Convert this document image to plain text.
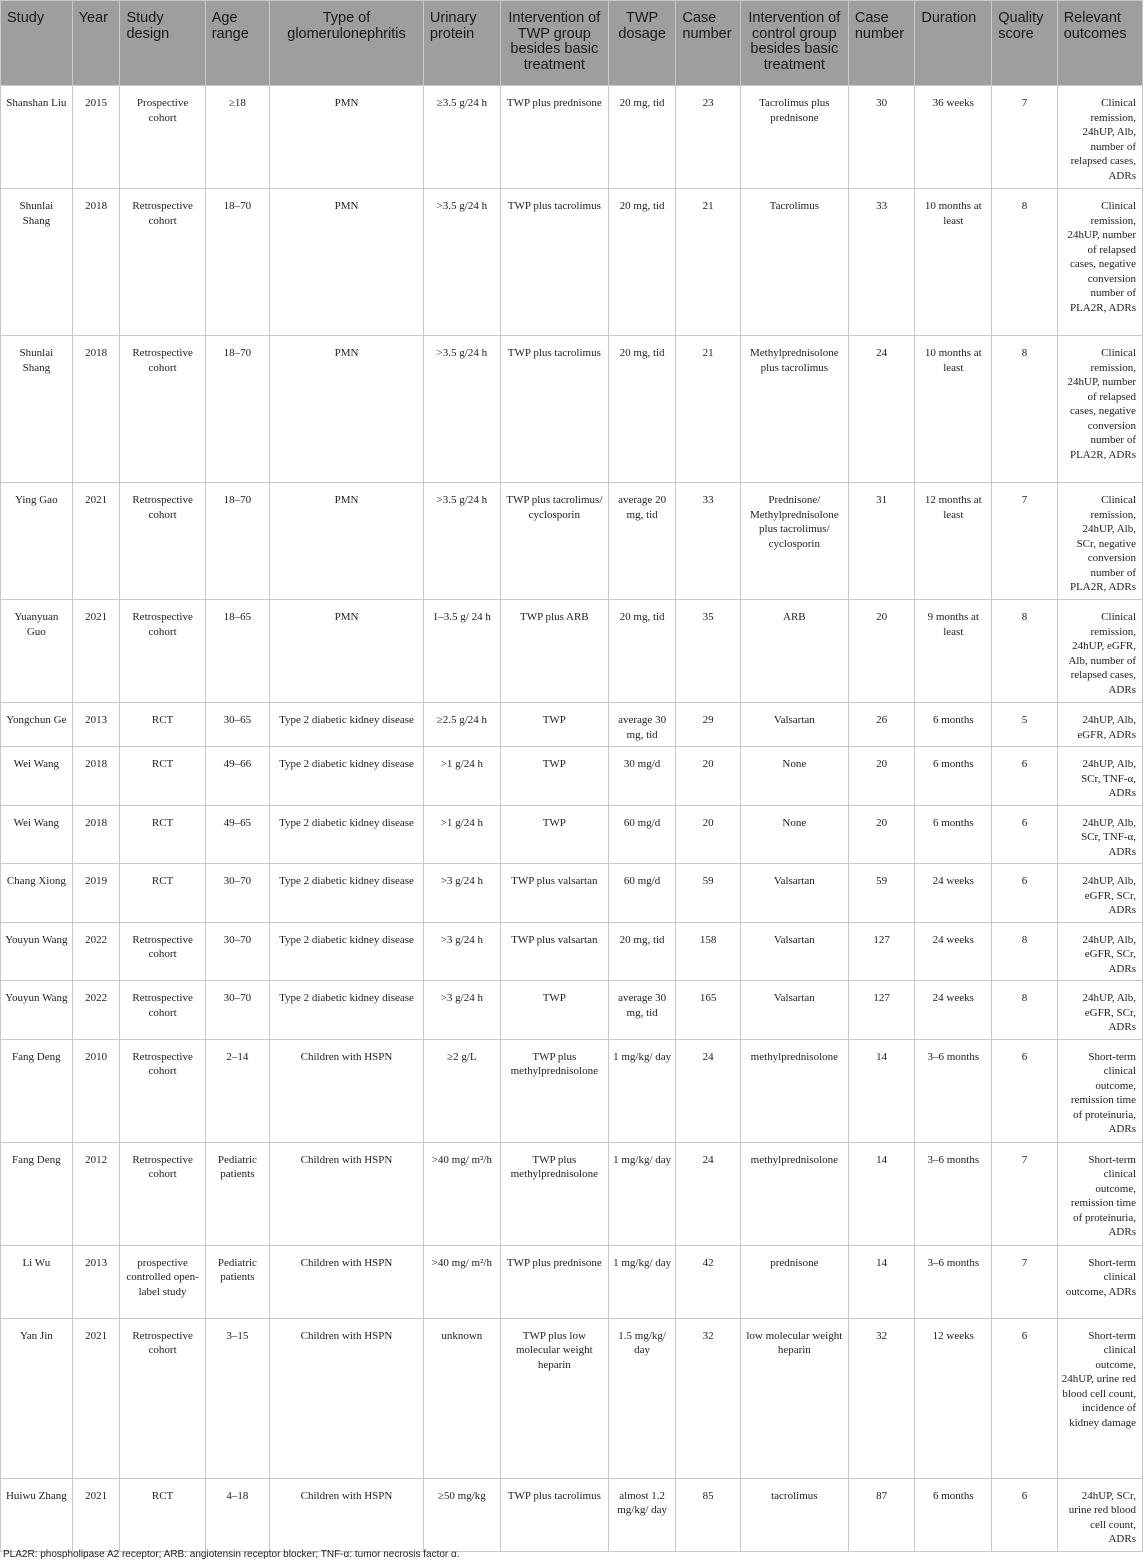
Study	Year	Study design	Age range	Type of glomerulonephritis	Urinary protein	Intervention of TWP group besides basic treatment	TWP dosage	Case number	Intervention of control group besides basic treatment	Case number	Duration	Quality score	Relevant outcomes
Shanshan Liu	2015	Prospective cohort	≥18	PMN	≥3.5 g/24 h	TWP plus prednisone	20 mg, tid	23	Tacrolimus plus prednisone	30	36 weeks	7	Clinical remission, 24hUP, Alb, number of relapsed cases, ADRs
Shunlai Shang	2018	Retrospective cohort	18–70	PMN	>3.5 g/24 h	TWP plus tacrolimus	20 mg, tid	21	Tacrolimus	33	10 months at least	8	Clinical remission, 24hUP, number of relapsed cases, negative conversion number of PLA2R, ADRs
Shunlai Shang	2018	Retrospective cohort	18–70	PMN	>3.5 g/24 h	TWP plus tacrolimus	20 mg, tid	21	Methylprednisolone plus tacrolimus	24	10 months at least	8	Clinical remission, 24hUP, number of relapsed cases, negative conversion number of PLA2R, ADRs
Ying Gao	2021	Retrospective cohort	18–70	PMN	>3.5 g/24 h	TWP plus tacrolimus/ cyclosporin	average 20 mg, tid	33	Prednisone/ Methylprednisolone plus tacrolimus/ cyclosporin	31	12 months at least	7	Clinical remission, 24hUP, Alb, SCr, negative conversion number of PLA2R, ADRs
Yuanyuan Guo	2021	Retrospective cohort	18–65	PMN	1–3.5 g/ 24 h	TWP plus ARB	20 mg, tid	35	ARB	20	9 months at least	8	Clinical remission, 24hUP, eGFR, Alb, number of relapsed cases, ADRs
Yongchun Ge	2013	RCT	30–65	Type 2 diabetic kidney disease	≥2.5 g/24 h	TWP	average 30 mg, tid	29	Valsartan	26	6 months	5	24hUP, Alb, eGFR, ADRs
Wei Wang	2018	RCT	49–66	Type 2 diabetic kidney disease	>1 g/24 h	TWP	30 mg/d	20	None	20	6 months	6	24hUP, Alb, SCr, TNF-α, ADRs
Wei Wang	2018	RCT	49–65	Type 2 diabetic kidney disease	>1 g/24 h	TWP	60 mg/d	20	None	20	6 months	6	24hUP, Alb, SCr, TNF-α, ADRs
Chang Xiong	2019	RCT	30–70	Type 2 diabetic kidney disease	>3 g/24 h	TWP plus valsartan	60 mg/d	59	Valsartan	59	24 weeks	6	24hUP, Alb, eGFR, SCr, ADRs
Youyun Wang	2022	Retrospective cohort	30–70	Type 2 diabetic kidney disease	>3 g/24 h	TWP plus valsartan	20 mg, tid	158	Valsartan	127	24 weeks	8	24hUP, Alb, eGFR, SCr, ADRs
Youyun Wang	2022	Retrospective cohort	30–70	Type 2 diabetic kidney disease	>3 g/24 h	TWP	average 30 mg, tid	165	Valsartan	127	24 weeks	8	24hUP, Alb, eGFR, SCr, ADRs
Fang Deng	2010	Retrospective cohort	2–14	Children with HSPN	≥2 g/L	TWP plus methylprednisolone	1 mg/kg/ day	24	methylprednisolone	14	3–6 months	6	Short-term clinical outcome, remission time of proteinuria, ADRs
Fang Deng	2012	Retrospective cohort	Pediatric patients	Children with HSPN	>40 mg/ m²/h	TWP plus methylprednisolone	1 mg/kg/ day	24	methylprednisolone	14	3–6 months	7	Short-term clinical outcome, remission time of proteinuria, ADRs
Li Wu	2013	prospective controlled open-label study	Pediatric patients	Children with HSPN	>40 mg/ m²/h	TWP plus prednisone	1 mg/kg/ day	42	prednisone	14	3–6 months	7	Short-term clinical outcome, ADRs
Yan Jin	2021	Retrospective cohort	3–15	Children with HSPN	unknown	TWP plus low molecular weight heparin	1.5 mg/kg/ day	32	low molecular weight heparin	32	12 weeks	6	Short-term clinical outcome, 24hUP, urine red blood cell count, incidence of kidney damage
Huiwu Zhang	2021	RCT	4–18	Children with HSPN	≥50 mg/kg	TWP plus tacrolimus	almost 1.2 mg/kg/ day	85	tacrolimus	87	6 months	6	24hUP, SCr, urine red blood cell count, ADRs
PLA2R: phospholipase A2 receptor; ARB: angiotensin receptor blocker; TNF-α: tumor necrosis factor α.
